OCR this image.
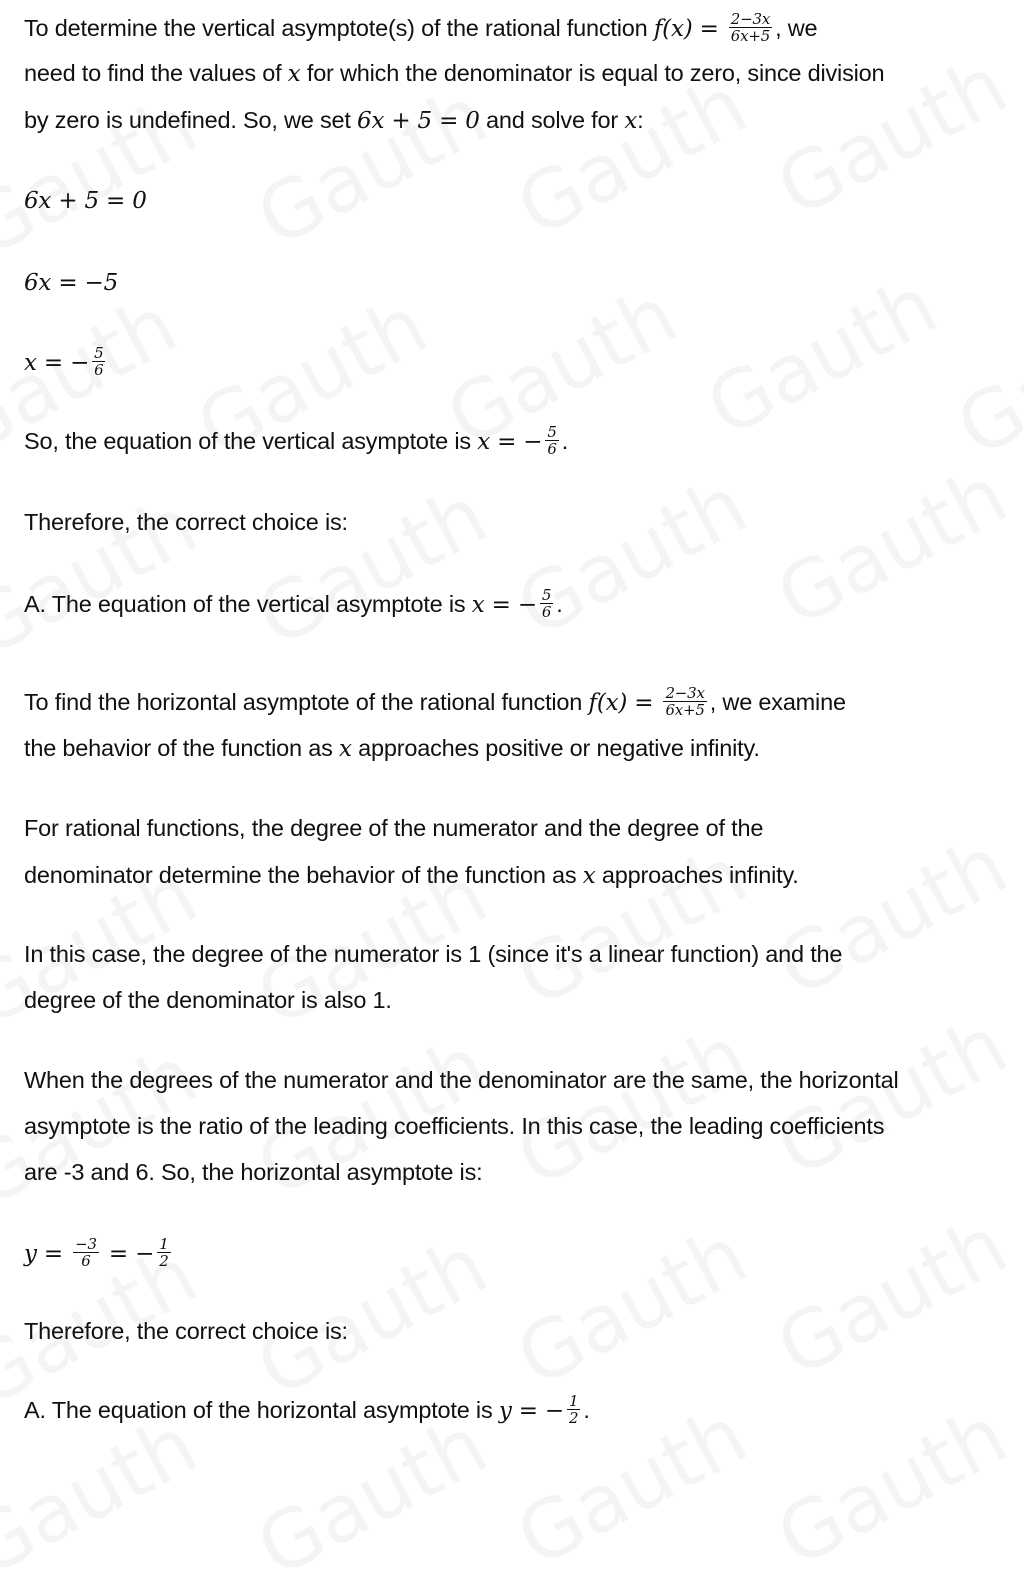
To determine the vertical asymptote(s) of the rational function $f(x) = \frac{2-3x}{6x+5}$ , we
need to find the values of x for which the denominator is equal to zero, since division
by zero is undefined. So, we set 6x + 5 = 0 and solve for x:
6x + 5 = 0
6x = −5
x = − $\frac{5}{6}$
So, the equation of the vertical asymptote is x = − $\frac{5}{6}$ .
Therefore, the correct choice is:
A. The equation of the vertical asymptote is x = − $\frac{5}{6}$ .
To find the horizontal asymptote of the rational function $f(x) = \frac{2-3x}{6x+5}$ , we examine
the behavior of the function as x approaches positive or negative infinity.
For rational functions, the degree of the numerator and the degree of the
denominator determine the behavior of the function as x approaches infinity.
In this case, the degree of the numerator is 1 (since it's a linear function) and the
degree of the denominator is also 1.
When the degrees of the numerator and the denominator are the same, the horizontal
asymptote is the ratio of the leading coefficients. In this case, the leading coefficients
are -3 and 6. So, the horizontal asymptote is:
$y = \frac{-3}{6}$ = − $\frac{1}{2}$
Therefore, the correct choice is:
A. The equation of the horizontal asymptote is y = − $\frac{1}{2}$ .
